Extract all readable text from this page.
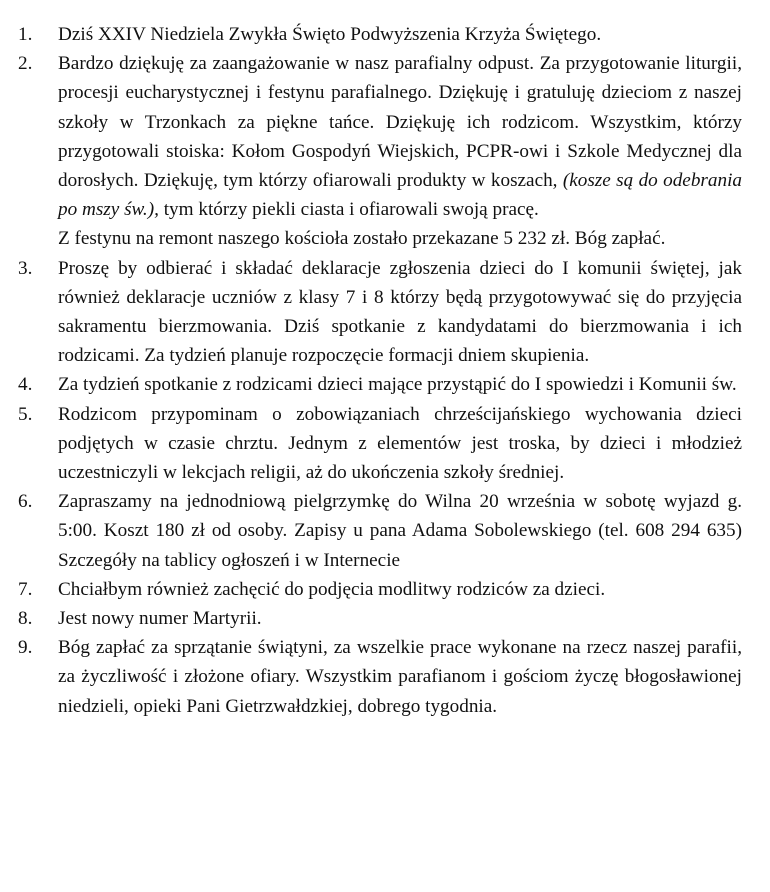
1.	Dziś XXIV Niedziela Zwykła Święto Podwyższenia Krzyża Świętego.
2.	Bardzo dziękuję za zaangażowanie w nasz parafialny odpust. Za przygotowanie liturgii, procesji eucharystycznej i festynu parafialnego. Dziękuję i gratuluję dzieciom z naszej szkoły w Trzonkach za piękne tańce. Dziękuję ich rodzicom. Wszystkim, którzy przygotowali stoiska: Kołom Gospodyń Wiejskich, PCPR-owi i Szkole Medycznej dla dorosłych. Dziękuję, tym którzy ofiarowali produkty w koszach, (kosze są do odebrania po mszy św.), tym którzy piekli ciasta i ofiarowali swoją pracę.
Z festynu na remont naszego kościoła zostało przekazane 5 232 zł. Bóg zapłać.
3.	Proszę by odbierać i składać deklaracje zgłoszenia dzieci do I komunii świętej, jak również deklaracje uczniów z klasy 7 i 8 którzy będą przygotowywać się do przyjęcia sakramentu bierzmowania. Dziś spotkanie z kandydatami do bierzmowania i ich rodzicami. Za tydzień planuje rozpoczęcie formacji dniem skupienia.
4.	Za tydzień spotkanie z rodzicami dzieci mające przystąpić do I spowiedzi i Komunii św.
5.	Rodzicom przypominam o zobowiązaniach chrześcijańskiego wychowania dzieci podjętych w czasie chrztu. Jednym z elementów jest troska, by dzieci i młodzież uczestniczyli w lekcjach religii, aż do ukończenia szkoły średniej.
6.	Zapraszamy na jednodniową pielgrzymkę do Wilna 20 września w sobotę wyjazd g. 5:00. Koszt 180 zł od osoby. Zapisy u pana Adama Sobolewskiego (tel. 608 294 635) Szczegóły na tablicy ogłoszeń i w Internecie
7.	Chciałbym również zachęcić do podjęcia modlitwy rodziców za dzieci.
8.	Jest nowy numer Martyrii.
9.	Bóg zapłać za sprzątanie świątyni, za wszelkie prace wykonane na rzecz naszej parafii, za życzliwość i złożone ofiary. Wszystkim parafianom i gościom życzę błogosławionej niedzieli, opieki Pani Gietrzwałdzkiej, dobrego tygodnia.
